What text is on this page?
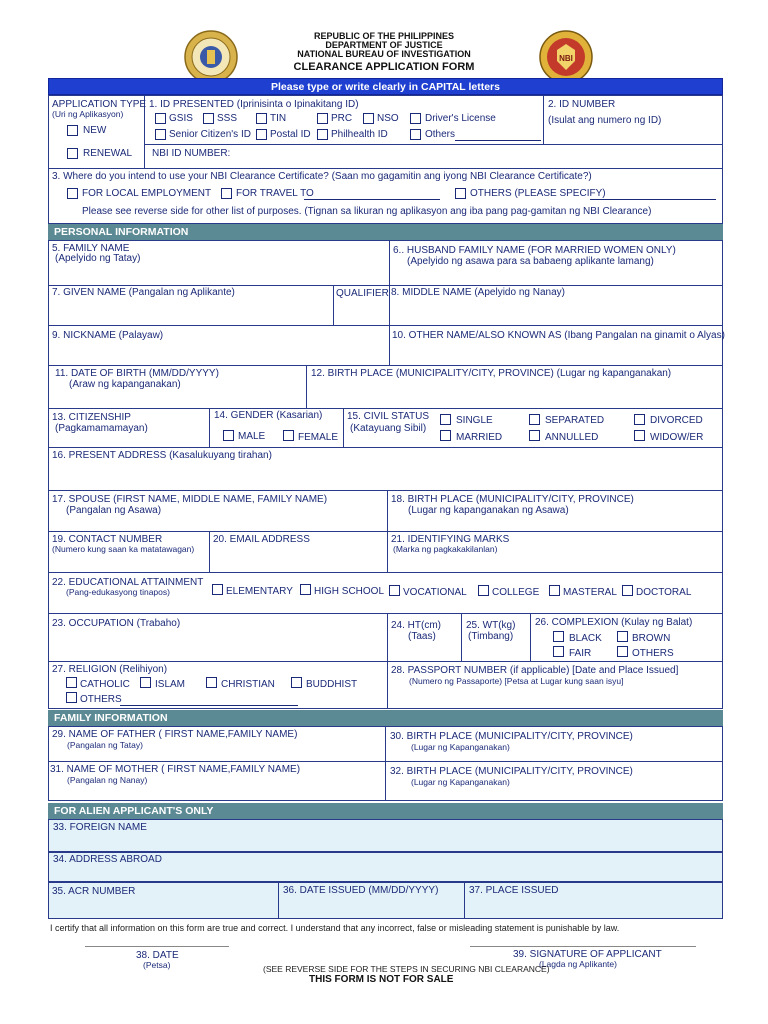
NBI
REPUBLIC OF THE PHILIPPINES
DEPARTMENT OF JUSTICE
NATIONAL BUREAU OF INVESTIGATION
CLEARANCE APPLICATION FORM
Please type or write clearly in CAPITAL letters
APPLICATION TYPE
(Uri ng Aplikasyon)
NEW
RENEWAL
1. ID PRESENTED (Iprinisinta o Ipinakitang ID)
GSIS SSS	TIN	PRC NSO	Driver's License
Senior Citizen's ID Postal ID Philhealth ID	Others
2. ID NUMBER
(Isulat ang numero ng ID)
NBI ID NUMBER:
3. Where do you intend to use your NBI Clearance Certificate? (Saan mo gagamitin ang iyong NBI Clearance Certificate?)
FOR LOCAL EMPLOYMENT FOR TRAVEL TO	OTHERS (PLEASE SPECIFY)
Please see reverse side for other list of purposes. (Tignan sa likuran ng aplikasyon ang iba pang pag-gamitan ng NBI Clearance)
PERSONAL INFORMATION
5. FAMILY NAME
(Apelyido ng Tatay)
6.. HUSBAND FAMILY NAME (FOR MARRIED WOMEN ONLY)
(Apelyido ng asawa para sa babaeng aplikante lamang)
7. GIVEN NAME (Pangalan ng Aplikante)	QUALIFIER 8. MIDDLE NAME (Apelyido ng Nanay)
9. NICKNAME (Palayaw)	10. OTHER NAME/ALSO KNOWN AS (Ibang Pangalan na ginamit o Alyas)
11. DATE OF BIRTH (MM/DD/YYYY)
(Araw ng kapanganakan)
12. BIRTH PLACE (MUNICIPALITY/CITY, PROVINCE) (Lugar ng kapanganakan)
13. CITIZENSHIP
(Pagkamamamayan)
14. GENDER (Kasarian)
MALE	FEMALE
15. CIVIL STATUS
(Katayuang Sibil)
SINGLE
MARRIED
SEPARATED
ANNULLED
DIVORCED
WIDOW/ER
16. PRESENT ADDRESS (Kasalukuyang tirahan)
17. SPOUSE (FIRST NAME, MIDDLE NAME, FAMILY NAME)
(Pangalan ng Asawa)
18. BIRTH PLACE (MUNICIPALITY/CITY, PROVINCE)
(Lugar ng kapanganakan ng Asawa)
19. CONTACT NUMBER
(Numero kung saan ka matatawagan)
20. EMAIL ADDRESS	21. IDENTIFYING MARKS
(Marka ng pagkakakilanlan)
22. EDUCATIONAL ATTAINMENT
(Pang-edukasyong tinapos)	ELEMENTARY HIGH SCHOOL VOCATIONAL	COLLEGE MASTERAL DOCTORAL
23. OCCUPATION (Trabaho)	24. HT(cm)
(Taas)
25. WT(kg)
(Timbang)
26. COMPLEXION (Kulay ng Balat)
BLACK	BROWN
FAIR	OTHERS
27. RELIGION (Relihiyon)
CATHOLIC	ISLAM	CHRISTIAN	BUDDHIST
OTHERS
28. PASSPORT NUMBER (if applicable) [Date and Place Issued]
(Numero ng Passaporte) [Petsa at Lugar kung saan isyu]
FAMILY INFORMATION
29. NAME OF FATHER ( FIRST NAME,FAMILY NAME)
(Pangalan ng Tatay)
30. BIRTH PLACE (MUNICIPALITY/CITY, PROVINCE)
(Lugar ng Kapanganakan)
31. NAME OF MOTHER ( FIRST NAME,FAMILY NAME)
(Pangalan ng Nanay)
32. BIRTH PLACE (MUNICIPALITY/CITY, PROVINCE)
(Lugar ng Kapanganakan)
FOR ALIEN APPLICANT'S ONLY
33. FOREIGN NAME
34. ADDRESS ABROAD
35. ACR NUMBER	36. DATE ISSUED (MM/DD/YYYY)	37. PLACE ISSUED
I certify that all information on this form are true and correct. I understand that any incorrect, false or misleading statement is punishable by law.
38. DATE
(Petsa)
39. SIGNATURE OF APPLICANT
(Lagda ng Aplikante)
(SEE REVERSE SIDE FOR THE STEPS IN SECURING NBI CLEARANCE)
THIS FORM IS NOT FOR SALE
